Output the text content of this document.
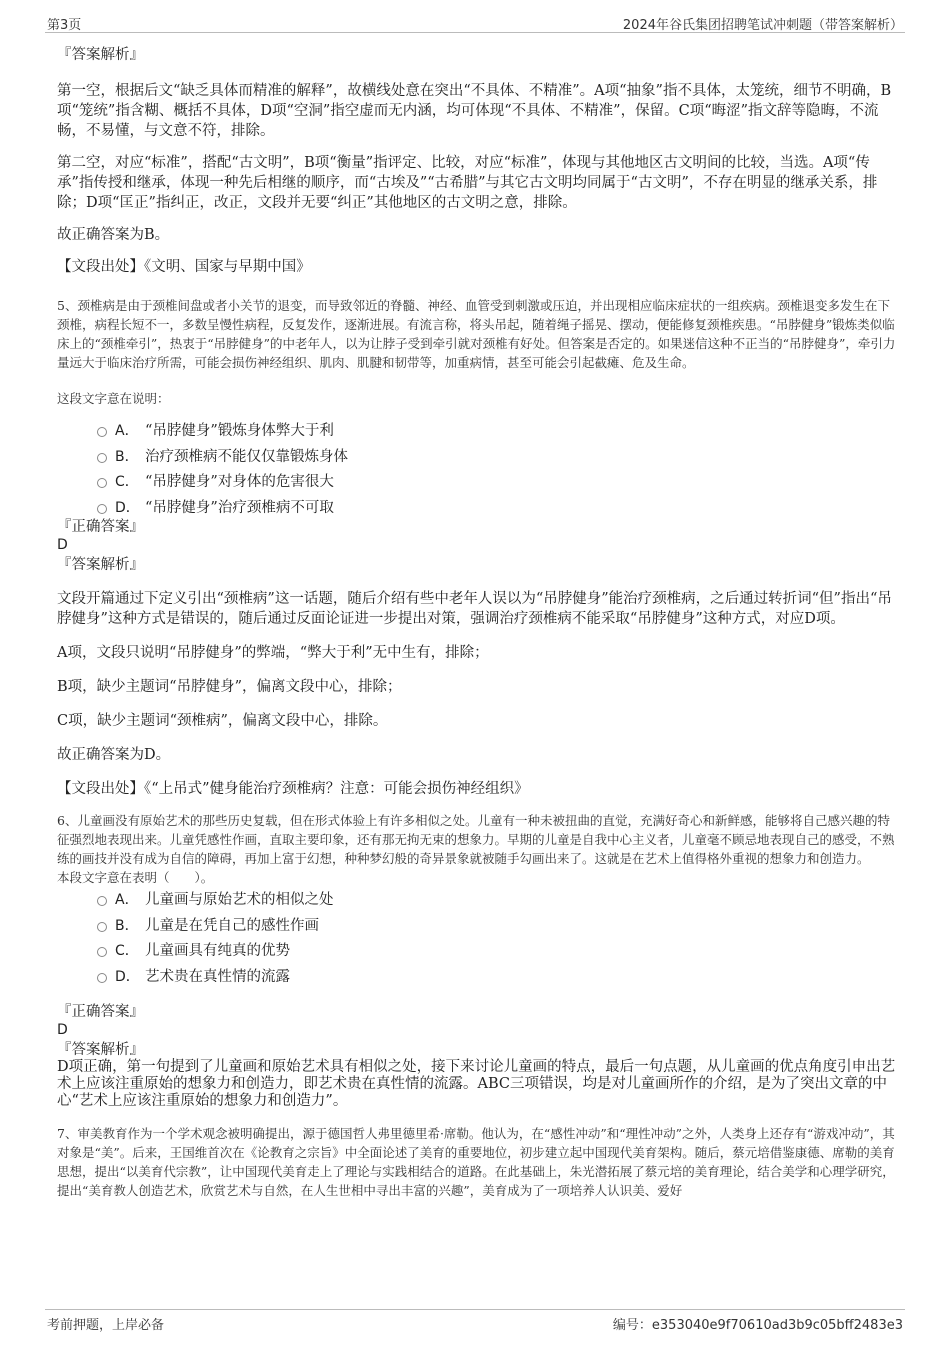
第3页	2024年谷氏集团招聘笔试冲刺题（带答案解析）

『答案解析』

第一空，根据后文“缺乏具体而精准的解释”，故横线处意在突出“不具体、不精准”。A项“抽象”指不具体，太笼统，细节不明确，B项“笼统”指含糊、概括不具体，D项“空洞”指空虚而无内涵，均可体现“不具体、不精准”，保留。C项“晦涩”指文辞等隐晦，不流畅，不易懂，与文意不符，排除。

第二空，对应“标准”，搭配“古文明”，B项“衡量”指评定、比较，对应“标准”，体现与其他地区古文明间的比较，当选。A项“传承”指传授和继承，体现一种先后相继的顺序，而“古埃及”“古希腊”与其它古文明均同属于“古文明”，不存在明显的继承关系，排除；D项“匡正”指纠正，改正，文段并无要“纠正”其他地区的古文明之意，排除。

故正确答案为B。

【文段出处】《文明、国家与早期中国》

5、颈椎病是由于颈椎间盘或者小关节的退变，而导致邻近的脊髓、神经、血管受到刺激或压迫，并出现相应临床症状的一组疾病。颈椎退变多发生在下颈椎，病程长短不一，多数呈慢性病程，反复发作，逐渐进展。有流言称，将头吊起，随着绳子摇晃、摆动，便能修复颈椎疾患。“吊脖健身”锻炼类似临床上的“颈椎牵引”，热衷于“吊脖健身”的中老年人，以为让脖子受到牵引就对颈椎有好处。但答案是否定的。如果迷信这种不正当的“吊脖健身”，牵引力量远大于临床治疗所需，可能会损伤神经组织、肌肉、肌腱和韧带等，加重病情，甚至可能会引起截瘫、危及生命。

这段文字意在说明：

A． “吊脖健身”锻炼身体弊大于利
B． 治疗颈椎病不能仅仅靠锻炼身体
C． “吊脖健身”对身体的危害很大
D． “吊脖健身”治疗颈椎病不可取

『正确答案』

D

『答案解析』

文段开篇通过下定义引出“颈椎病”这一话题，随后介绍有些中老年人误以为“吊脖健身”能治疗颈椎病，之后通过转折词“但”指出“吊脖健身”这种方式是错误的，随后通过反面论证进一步提出对策，强调治疗颈椎病不能采取“吊脖健身”这种方式，对应D项。

A项，文段只说明“吊脖健身”的弊端，“弊大于利”无中生有，排除；

B项，缺少主题词“吊脖健身”，偏离文段中心，排除；

C项，缺少主题词“颈椎病”，偏离文段中心，排除。

故正确答案为D。

【文段出处】《“上吊式”健身能治疗颈椎病？注意：可能会损伤神经组织》

6、儿童画没有原始艺术的那些历史复载，但在形式体验上有许多相似之处。儿童有一种未被扭曲的直觉，充满好奇心和新鲜感，能够将自己感兴趣的特征强烈地表现出来。儿童凭感性作画，直取主要印象，还有那无拘无束的想象力。早期的儿童是自我中心主义者，儿童毫不顾忌地表现自己的感受，不熟练的画技并没有成为自信的障碍，再加上富于幻想，种种梦幻般的奇异景象就被随手勾画出来了。这就是在艺术上值得格外重视的想象力和创造力。

本段文字意在表明（　　）。

A． 儿童画与原始艺术的相似之处
B． 儿童是在凭自己的感性作画
C． 儿童画具有纯真的优势
D． 艺术贵在真性情的流露

『正确答案』

D

『答案解析』

D项正确，第一句提到了儿童画和原始艺术具有相似之处，接下来讨论儿童画的特点，最后一句点题，从儿童画的优点角度引申出艺术上应该注重原始的想象力和创造力，即艺术贵在真性情的流露。ABC三项错误，均是对儿童画所作的介绍，是为了突出文章的中心“艺术上应该注重原始的想象力和创造力”。

7、审美教育作为一个学术观念被明确提出，源于德国哲人弗里德里希·席勒。他认为，在“感性冲动”和“理性冲动”之外，人类身上还存有“游戏冲动”，其对象是“美”。后来，王国维首次在《论教育之宗旨》中全面论述了美育的重要地位，初步建立起中国现代美育架构。随后，蔡元培借鉴康德、席勒的美育思想，提出“以美育代宗教”，让中国现代美育走上了理论与实践相结合的道路。在此基础上，朱光潜拓展了蔡元培的美育理论，结合美学和心理学研究，提出“美育教人创造艺术，欣赏艺术与自然，在人生世相中寻出丰富的兴趣”，美育成为了一项培养人认识美、爱好

考前押题，上岸必备	编号：e353040e9f70610ad3b9c05bff2483e3
